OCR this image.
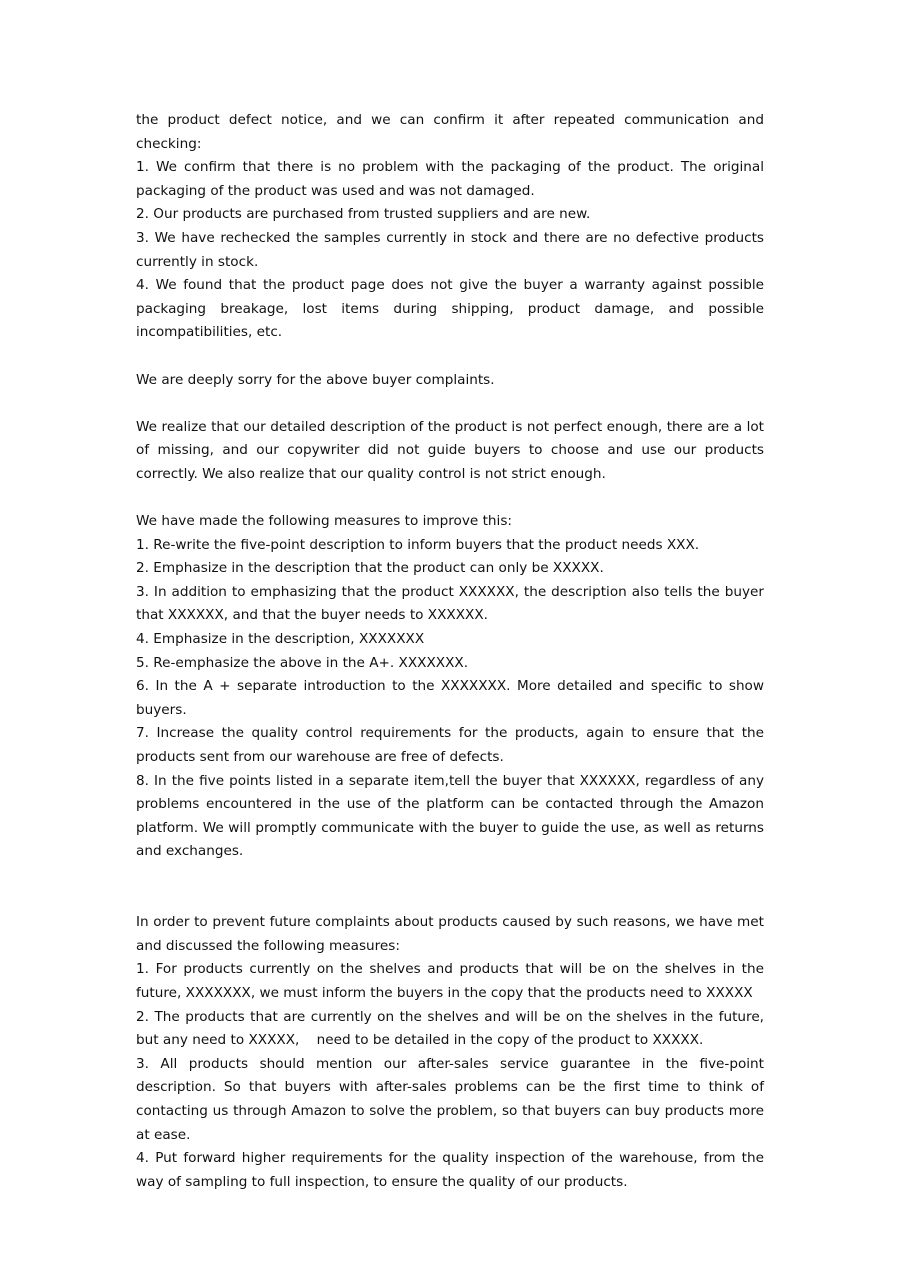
the product defect notice, and we can confirm it after repeated communication and checking:

1. We confirm that there is no problem with the packaging of the product. The original packaging of the product was used and was not damaged.

2. Our products are purchased from trusted suppliers and are new.

3. We have rechecked the samples currently in stock and there are no defective products currently in stock.

4. We found that the product page does not give the buyer a warranty against possible packaging breakage, lost items during shipping, product damage, and possible incompatibilities, etc.

We are deeply sorry for the above buyer complaints.

We realize that our detailed description of the product is not perfect enough, there are a lot of missing, and our copywriter did not guide buyers to choose and use our products correctly. We also realize that our quality control is not strict enough.

We have made the following measures to improve this:

1. Re-write the five-point description to inform buyers that the product needs XXX.

2. Emphasize in the description that the product can only be XXXXX.

3. In addition to emphasizing that the product XXXXXX, the description also tells the buyer that XXXXXX, and that the buyer needs to XXXXXX.

4. Emphasize in the description, XXXXXXX

5. Re-emphasize the above in the A+. XXXXXXX.

6. In the A + separate introduction to the XXXXXXX. More detailed and specific to show buyers.

7. Increase the quality control requirements for the products, again to ensure that the products sent from our warehouse are free of defects.

8. In the five points listed in a separate item,tell the buyer that XXXXXX, regardless of any problems encountered in the use of the platform can be contacted through the Amazon platform. We will promptly communicate with the buyer to guide the use, as well as returns and exchanges.

In order to prevent future complaints about products caused by such reasons, we have met and discussed the following measures:

1. For products currently on the shelves and products that will be on the shelves in the future, XXXXXXX, we must inform the buyers in the copy that the products need to XXXXX

2. The products that are currently on the shelves and will be on the shelves in the future, but any need to XXXXX,    need to be detailed in the copy of the product to XXXXX.

3. All products should mention our after-sales service guarantee in the five-point description. So that buyers with after-sales problems can be the first time to think of contacting us through Amazon to solve the problem, so that buyers can buy products more at ease.

4. Put forward higher requirements for the quality inspection of the warehouse, from the way of sampling to full inspection, to ensure the quality of our products.
